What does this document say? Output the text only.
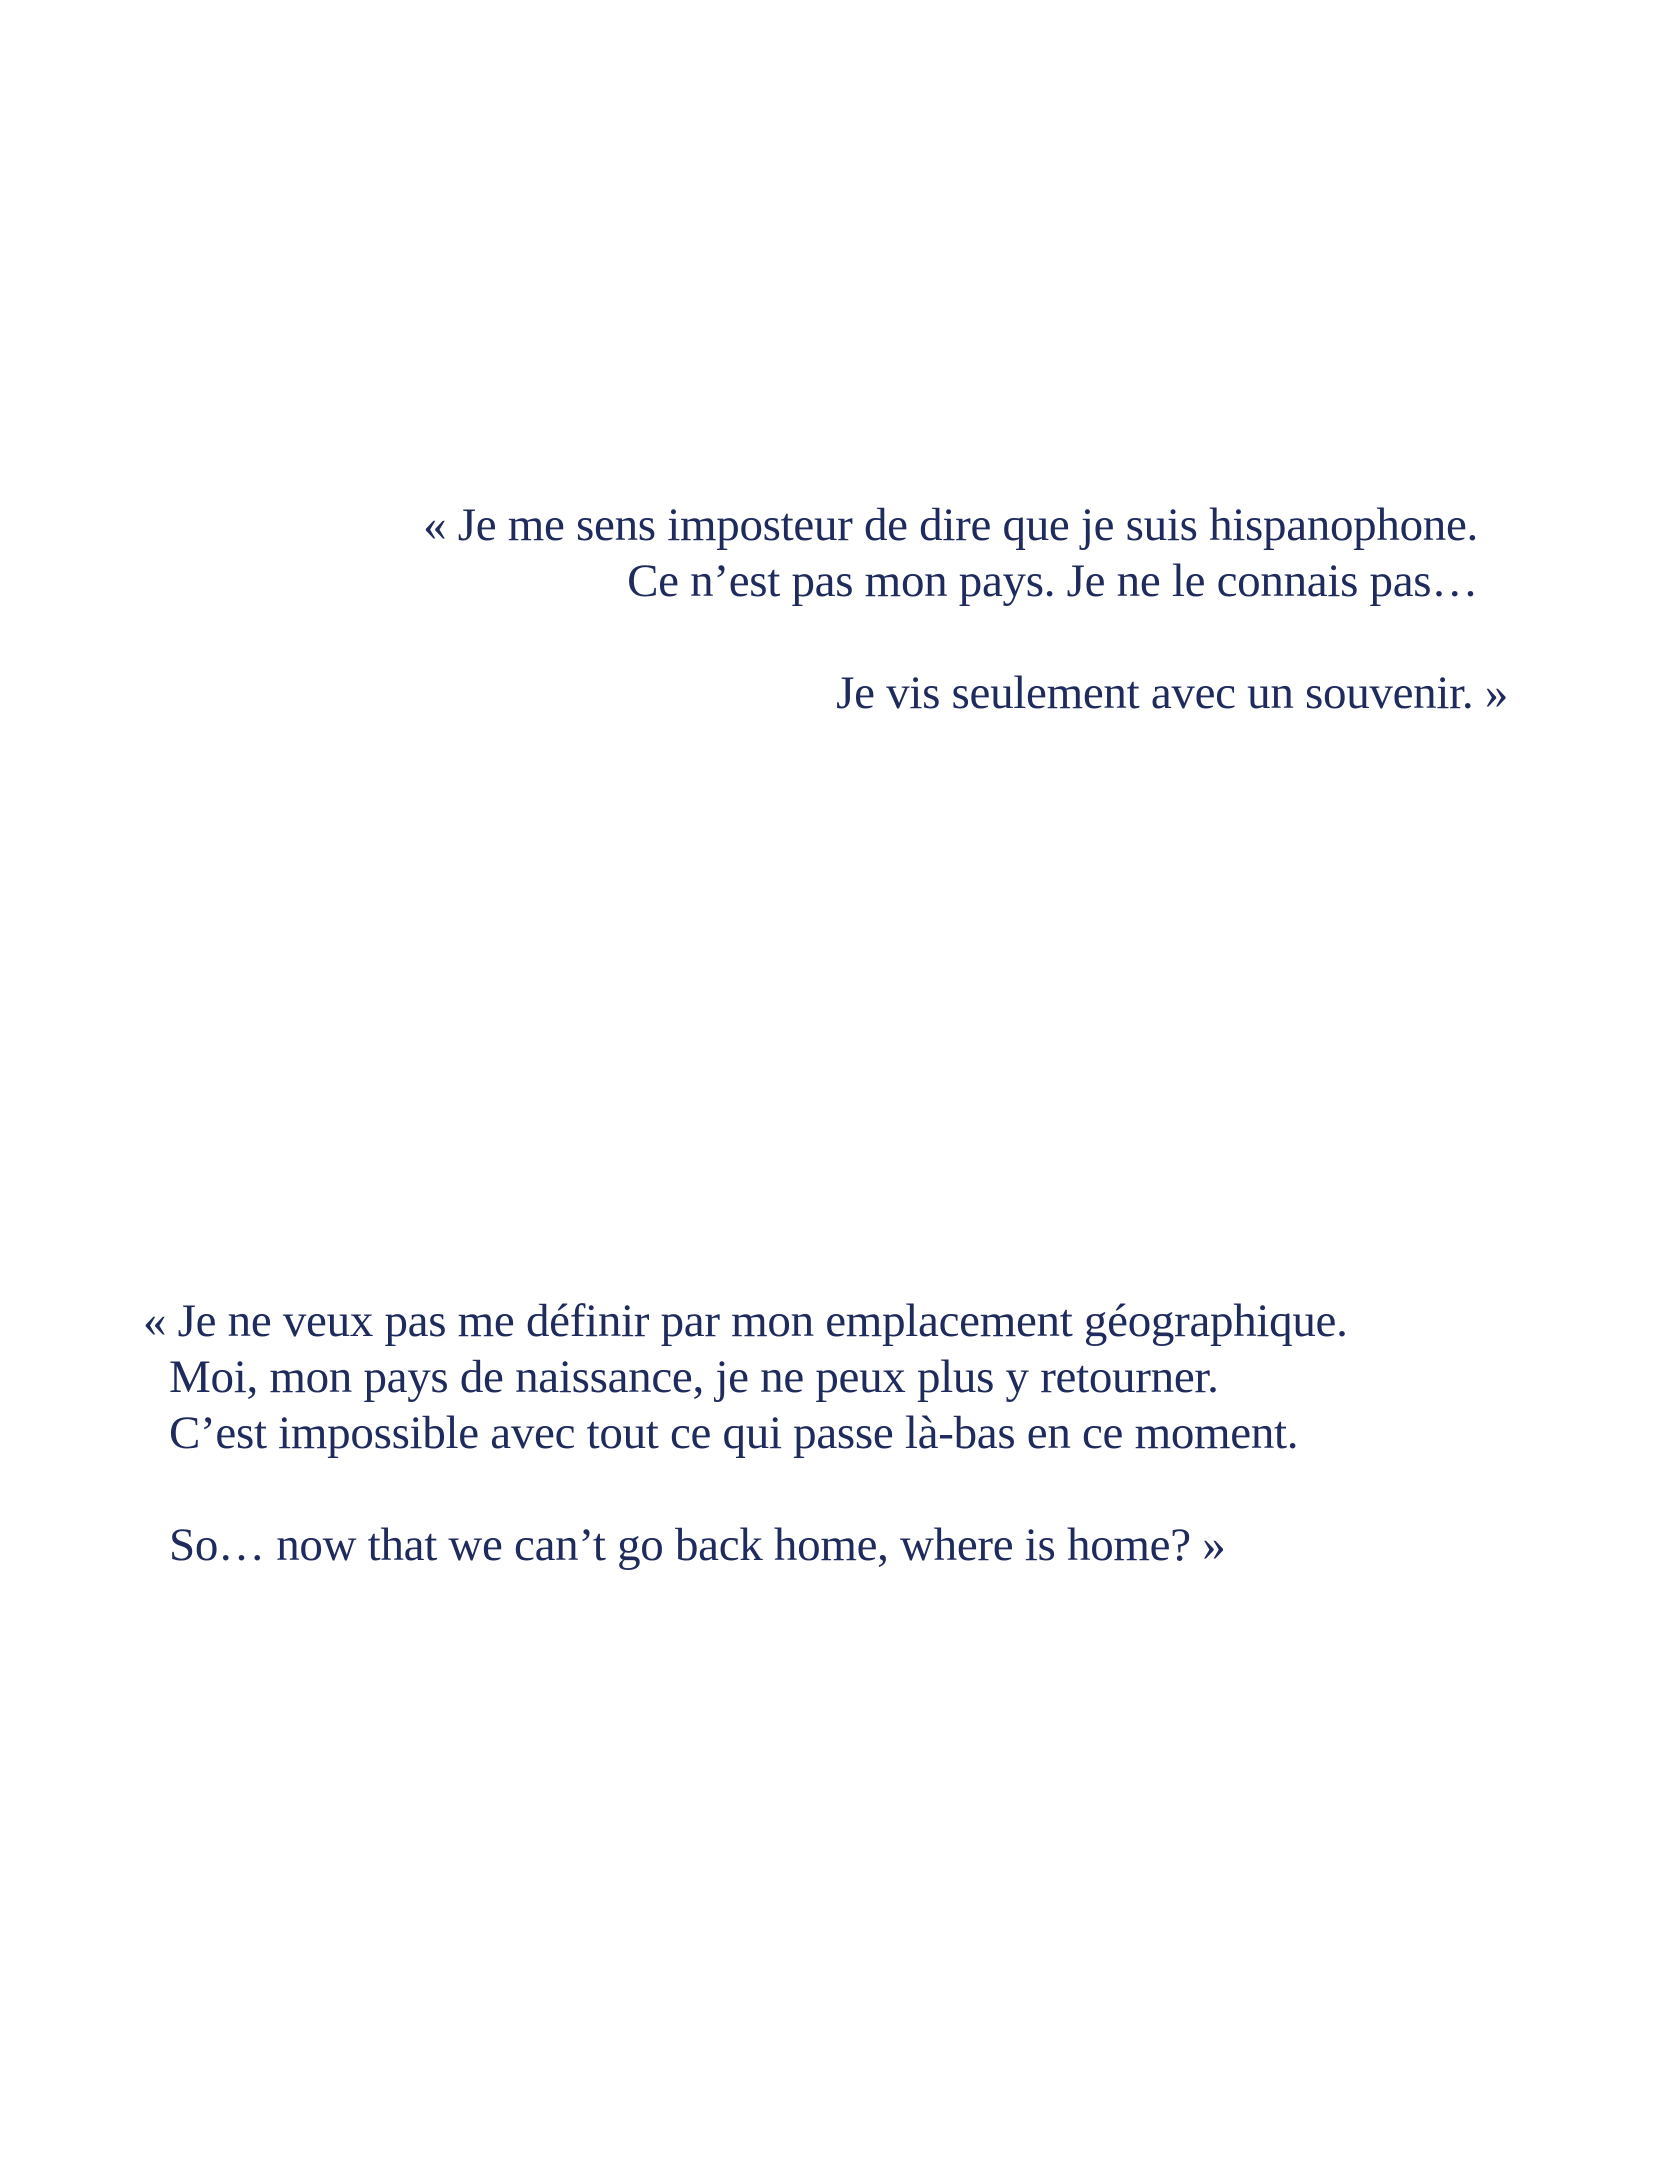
« Je me sens imposteur de dire que je suis hispanophone.
Ce n’est pas mon pays. Je ne le connais pas…
Je vis seulement avec un souvenir. »
« Je ne veux pas me définir par mon emplacement géographique.
Moi, mon pays de naissance, je ne peux plus y retourner.
C’est impossible avec tout ce qui passe là-bas en ce moment.
So… now that we can’t go back home, where is home? »
